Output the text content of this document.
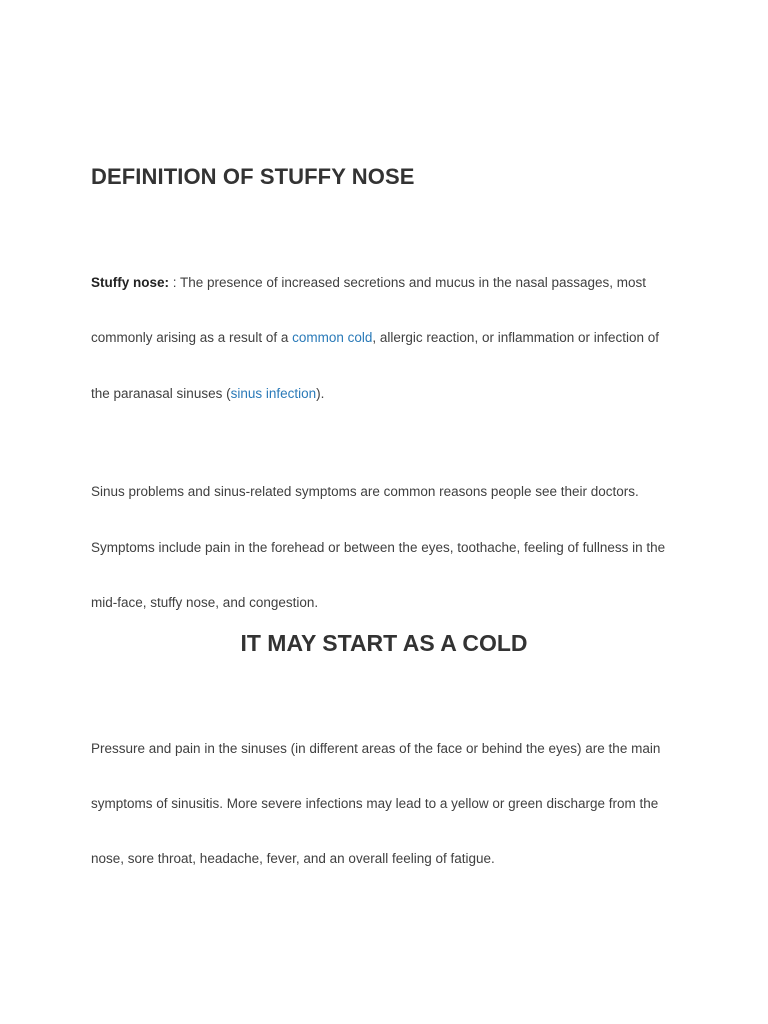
DEFINITION OF STUFFY NOSE

Stuffy nose: : The presence of increased secretions and mucus in the nasal passages, most

commonly arising as a result of a common cold, allergic reaction, or inflammation or infection of

the paranasal sinuses (sinus infection).

Sinus problems and sinus-related symptoms are common reasons people see their doctors.

Symptoms include pain in the forehead or between the eyes, toothache, feeling of fullness in the

mid-face, stuffy nose, and congestion.

IT MAY START AS A COLD

Pressure and pain in the sinuses (in different areas of the face or behind the eyes) are the main

symptoms of sinusitis. More severe infections may lead to a yellow or green discharge from the

nose, sore throat, headache, fever, and an overall feeling of fatigue.
